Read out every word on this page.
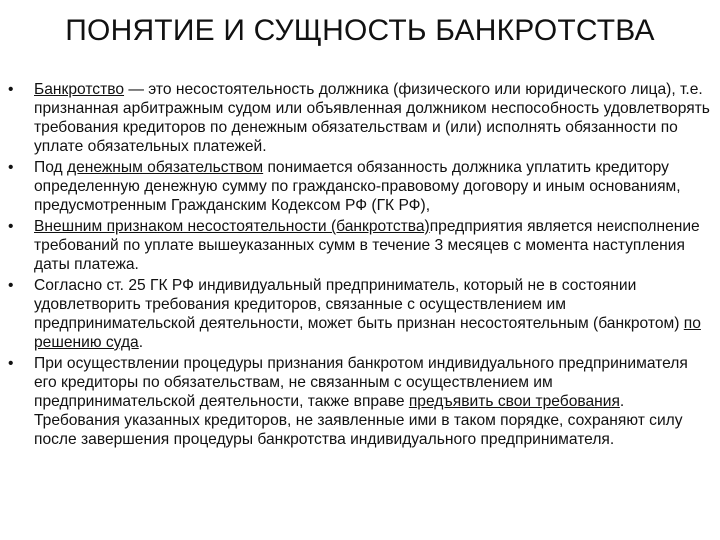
ПОНЯТИЕ И СУЩНОСТЬ БАНКРОТСТВА
•	Банкротство — это несостоятельность должника (физического или юридического лица), т.е. признанная арбитражным судом или объявленная должником неспособность удовлетворять требования кредиторов по денежным обязательствам и (или) исполнять обязанности по уплате обязательных платежей.
•	Под денежным обязательством понимается обязанность должника уплатить кредитору определенную денежную сумму по гражданско-правовому договору и иным основаниям, предусмотренным Гражданским Кодексом РФ (ГК РФ),
•	Внешним признаком несостоятельности (банкротства)предприятия является неисполнение требований по уплате вышеуказанных сумм в течение 3 месяцев с момента наступления даты платежа.
•	Согласно ст. 25 ГК РФ индивидуальный предприниматель, который не в состоянии удовлетворить требования кредиторов, связанные с осуществлением им предпринимательской деятельности, может быть признан несостоятельным (банкротом) по решению суда.
•	При осуществлении процедуры признания банкротом индивидуального предпринимателя его кредиторы по обязательствам, не связанным с осуществлением им предпринимательской деятельности, также вправе предъявить свои требования. Требования указанных кредиторов, не заявленные ими в таком порядке, сохраняют силу после завершения процедуры банкротства индивидуального предпринимателя.
